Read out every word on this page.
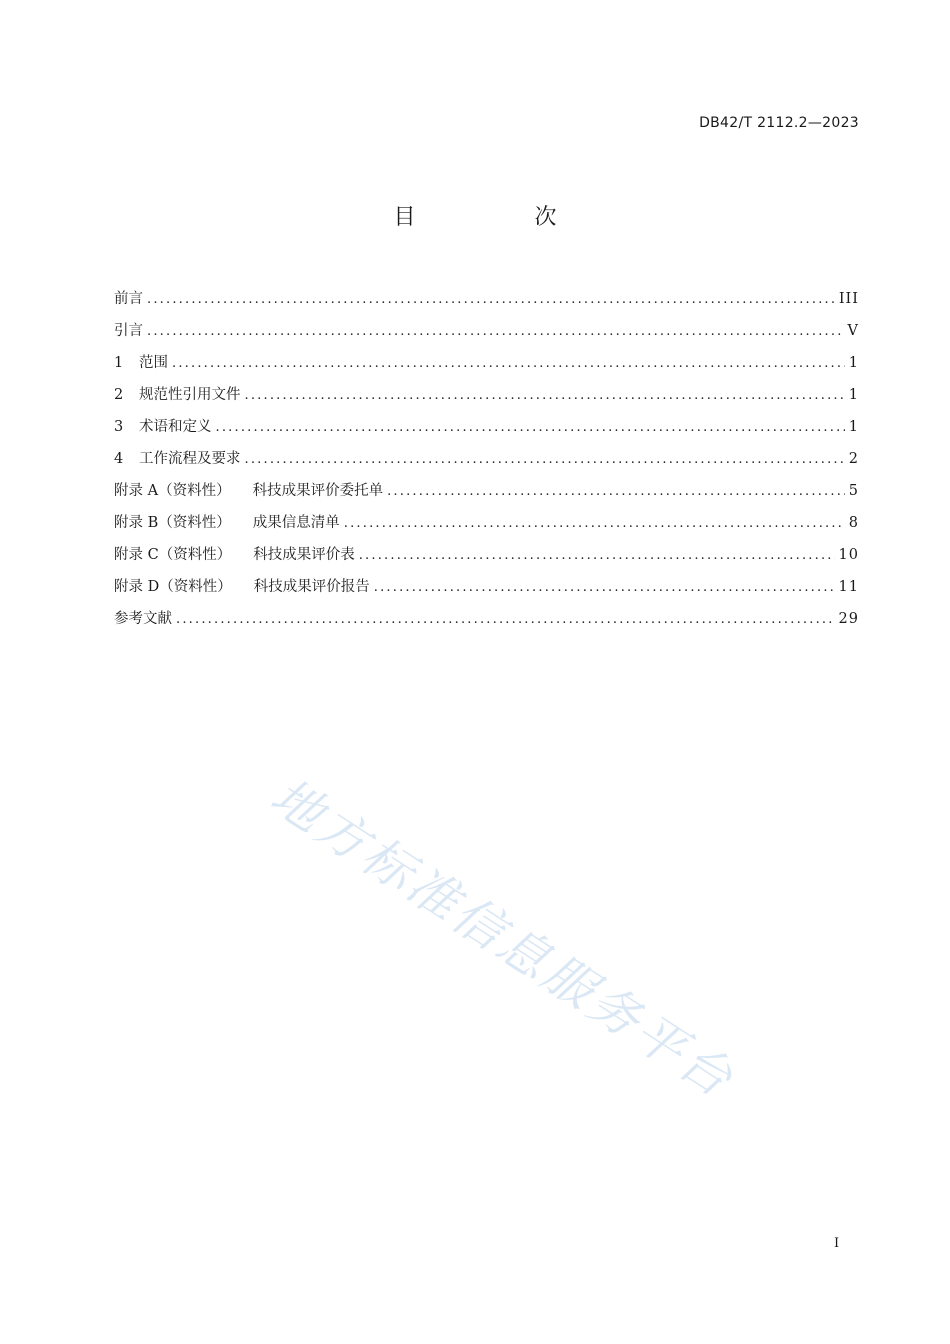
DB42/T 2112.2—2023
目 次
前言 .....	III
引言 .....	V
1 范围 .....	1
2 规范性引用文件 .....	1
3 术语和定义 .....	1
4 工作流程及要求 .....	2
附录 A（资料性） 科技成果评价委托单 .....	5
附录 B（资料性） 成果信息清单 .....	8
附录 C（资料性） 科技成果评价表 .....	10
附录 D（资料性） 科技成果评价报告 .....	11
参考文献 .....	29
地方标准信息服务平台
I
